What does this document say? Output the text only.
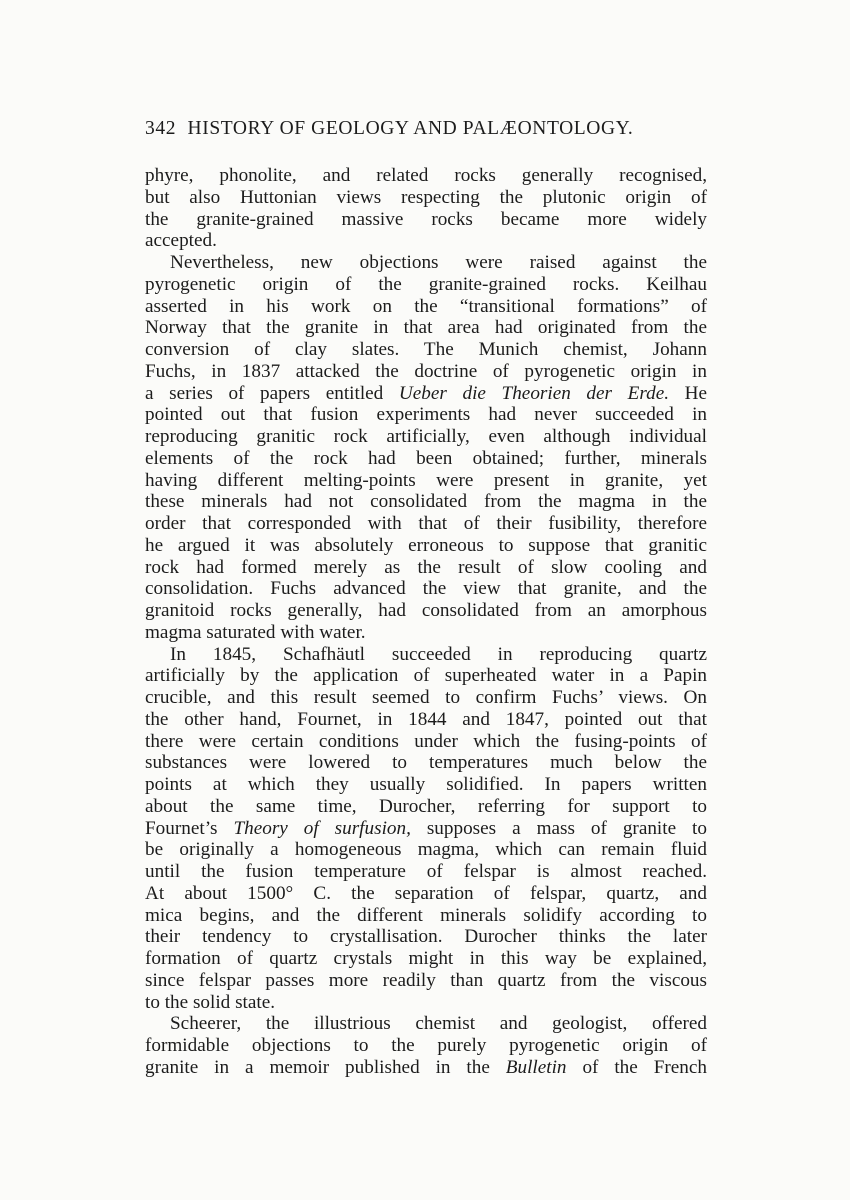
342 HISTORY OF GEOLOGY AND PALÆONTOLOGY.
phyre, phonolite, and related rocks generally recognised,
but also Huttonian views respecting the plutonic origin of
the granite-grained massive rocks became more widely
accepted.
Nevertheless, new objections were raised against the
pyrogenetic origin of the granite-grained rocks. Keilhau
asserted in his work on the “transitional formations” of
Norway that the granite in that area had originated from the
conversion of clay slates. The Munich chemist, Johann
Fuchs, in 1837 attacked the doctrine of pyrogenetic origin in
a series of papers entitled Ueber die Theorien der Erde. He
pointed out that fusion experiments had never succeeded in
reproducing granitic rock artificially, even although individual
elements of the rock had been obtained; further, minerals
having different melting-points were present in granite, yet
these minerals had not consolidated from the magma in the
order that corresponded with that of their fusibility, therefore
he argued it was absolutely erroneous to suppose that granitic
rock had formed merely as the result of slow cooling and
consolidation. Fuchs advanced the view that granite, and the
granitoid rocks generally, had consolidated from an amorphous
magma saturated with water.
In 1845, Schafhäutl succeeded in reproducing quartz
artificially by the application of superheated water in a Papin
crucible, and this result seemed to confirm Fuchs’ views. On
the other hand, Fournet, in 1844 and 1847, pointed out that
there were certain conditions under which the fusing-points of
substances were lowered to temperatures much below the
points at which they usually solidified. In papers written
about the same time, Durocher, referring for support to
Fournet’s Theory of surfusion, supposes a mass of granite to
be originally a homogeneous magma, which can remain fluid
until the fusion temperature of felspar is almost reached.
At about 1500° C. the separation of felspar, quartz, and
mica begins, and the different minerals solidify according to
their tendency to crystallisation. Durocher thinks the later
formation of quartz crystals might in this way be explained,
since felspar passes more readily than quartz from the viscous
to the solid state.
Scheerer, the illustrious chemist and geologist, offered
formidable objections to the purely pyrogenetic origin of
granite in a memoir published in the Bulletin of the French
